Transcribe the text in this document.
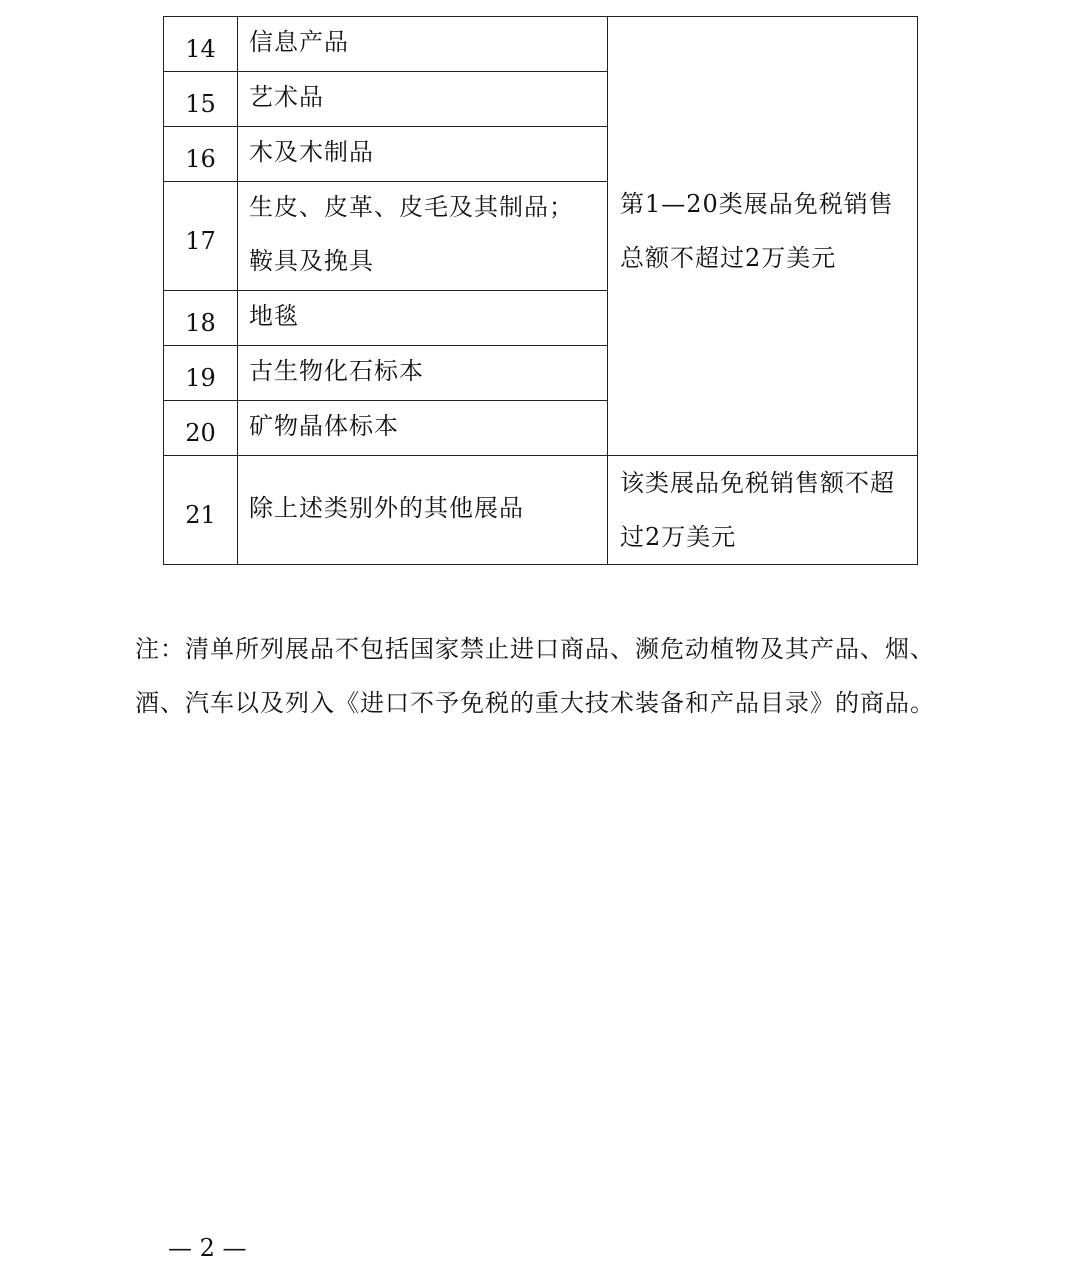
14	信息产品	第1—20类展品免税销售总额不超过2万美元
15	艺术品	
16	木及木制品	
17	生皮、皮革、皮毛及其制品；鞍具及挽具	
18	地毯	
19	古生物化石标本	
20	矿物晶体标本	
21	除上述类别外的其他展品	该类展品免税销售额不超过2万美元
注：清单所列展品不包括国家禁止进口商品、濒危动植物及其产品、烟、酒、汽车以及列入《进口不予免税的重大技术装备和产品目录》的商品。
— 2 —
